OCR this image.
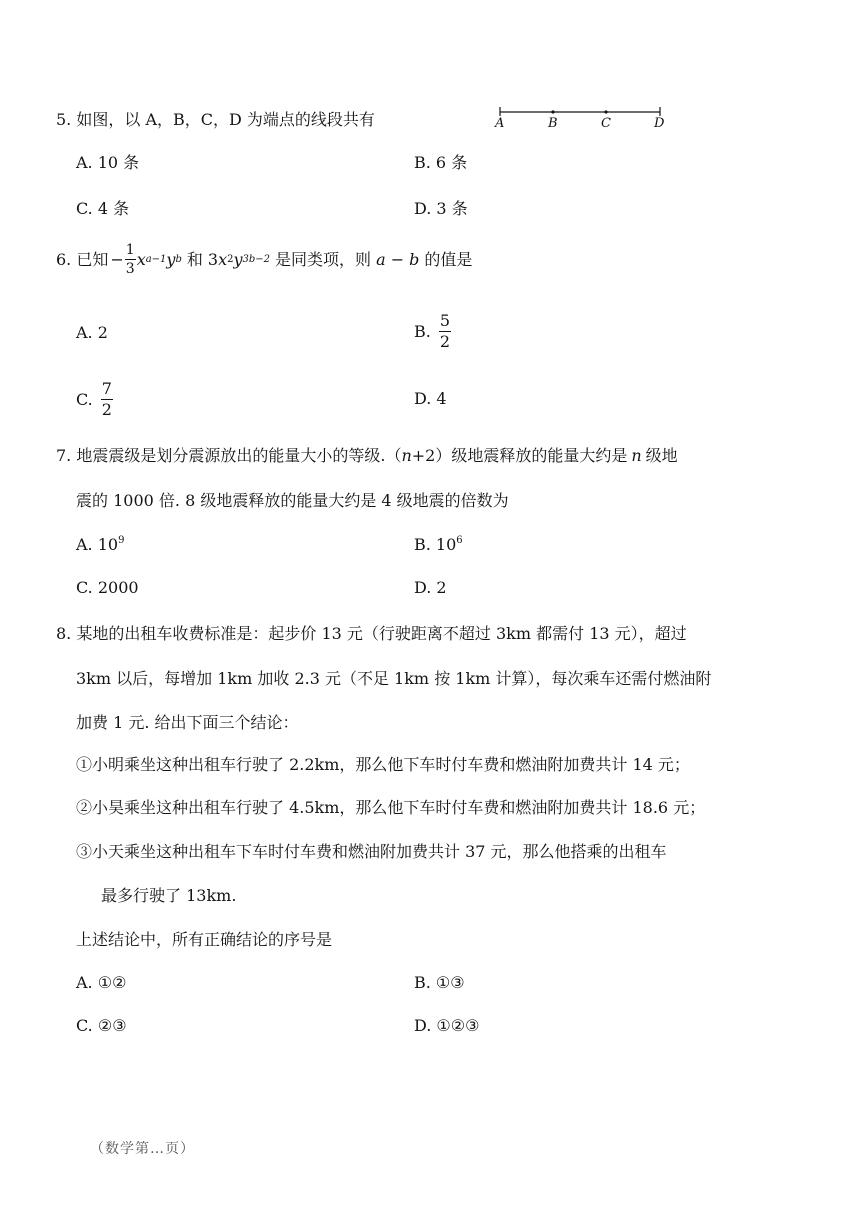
5. 如图，以 A，B，C，D 为端点的线段共有	A	B	C	D
A. 10 条	B. 6 条
C. 4 条	D. 3 条
6. 已知 − $\frac{1}{3}$ x a−1 y b 和 3 x 2 y 3b−2 是同类项，则 a − b 的值是
A. 2	B. $\frac{5}{2}$
C. $\frac{7}{2}$	D. 4
7. 地震震级是划分震源放出的能量大小的等级.（n+2）级地震释放的能量大约是 n 级地
震的 1000 倍. 8 级地震释放的能量大约是 4 级地震的倍数为
A. $10^9$	B. $10^6$
C. 2000	D. 2
8. 某地的出租车收费标准是：起步价 13 元（行驶距离不超过 3km 都需付 13 元），超过
3km 以后，每增加 1km 加收 2.3 元（不足 1km 按 1km 计算），每次乘车还需付燃油附
加费 1 元. 给出下面三个结论：
①小明乘坐这种出租车行驶了 2.2km，那么他下车时付车费和燃油附加费共计 14 元；
②小昊乘坐这种出租车行驶了 4.5km，那么他下车时付车费和燃油附加费共计 18.6 元；
③小天乘坐这种出租车下车时付车费和燃油附加费共计 37 元，那么他搭乘的出租车
最多行驶了 13km.
上述结论中，所有正确结论的序号是
A. ①②	B. ①③
C. ②③	D. ①②③
（数学第…页）
